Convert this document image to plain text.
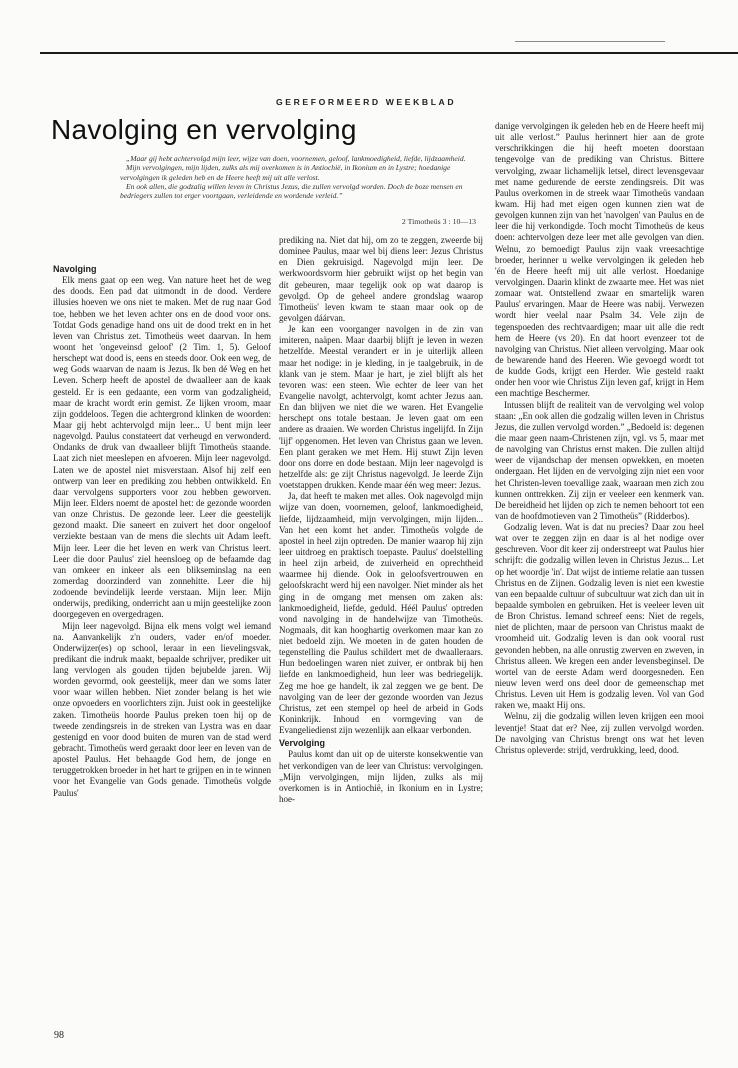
GEREFORMEERD WEEKBLAD
Navolging en vervolging

„Maar gij hebt achtervolgd mijn leer, wijze van doen, voornemen, geloof, lankmoedigheid, liefde, lijdzaamheid.

Mijn vervolgingen, mijn lijden, zulks als mij overkomen is in Antiochië, in Ikonium en in Lystre; hoedanige vervolgingen ik geleden heb en de Heere heeft mij uit alle verlost.

En ook allen, die godzalig willen leven in Christus Jezus, die zullen vervolgd worden. Doch de boze mensen en bedriegers zullen tot erger voortgaan, verleidende en wordende verleid.”

2 Timotheüs 3 : 10—13
Navolging

Elk mens gaat op een weg. Van nature heet het de weg des doods. Een pad dat uitmondt in de dood. Verdere illusies hoeven we ons niet te maken. Met de rug naar God toe, hebben we het leven achter ons en de dood voor ons. Totdat Gods genadige hand ons uit de dood trekt en in het leven van Christus zet. Timotheüs weet daarvan. In hem woont het 'ongeveinsd geloof' (2 Tim. 1, 5). Geloof herschept wat dood is, eens en steeds door. Ook een weg, de weg Gods waarvan de naam is Jezus. Ik ben dé Weg en het Leven. Scherp heeft de apostel de dwaalleer aan de kaak gesteld. Er is een gedaante, een vorm van godzaligheid, maar de kracht wordt erin gemist. Ze lijken vroom, maar zijn goddeloos. Tegen die achtergrond klinken de woorden: Maar gij hebt achtervolgd mijn leer... U bent mijn leer nagevolgd. Paulus constateert dat verheugd en verwonderd. Ondanks de druk van dwaalleer blijft Timotheüs staande. Laat zich niet meeslepen en afvoeren. Mijn leer nagevolgd. Laten we de apostel niet misverstaan. Alsof hij zelf een ontwerp van leer en prediking zou hebben ontwikkeld. En daar vervolgens supporters voor zou hebben geworven. Mijn leer. Elders noemt de apostel het: de gezonde woorden van onze Christus. De gezonde leer. Leer die geestelijk gezond maakt. Die saneert en zuivert het door ongeloof verziekte bestaan van de mens die slechts uit Adam leeft. Mijn leer. Leer die het leven en werk van Christus leert. Leer die door Paulus' ziel heensloeg op de befaamde dag van omkeer en inkeer als een blikseminslag na een zomerdag doorzinderd van zonnehitte. Leer die hij zodoende bevindelijk leerde verstaan. Mijn leer. Mijn onderwijs, prediking, onderricht aan u mijn geestelijke zoon doorgegeven en overgedragen.

Mijn leer nagevolgd. Bijna elk mens volgt wel iemand na. Aanvankelijk z'n ouders, vader en/of moeder. Onderwijzer(es) op school, leraar in een lievelingsvak, predikant die indruk maakt, bepaalde schrijver, prediker uit lang vervlogen als gouden tijden bejubelde jaren. Wij worden gevormd, ook geestelijk, meer dan we soms later voor waar willen hebben. Niet zonder belang is het wie onze opvoeders en voorlichters zijn. Juist ook in geestelijke zaken. Timotheüs hoorde Paulus preken toen hij op de tweede zendingsreis in de streken van Lystra was en daar gestenigd en voor dood buiten de muren van de stad werd gebracht. Timotheüs werd geraakt door leer en leven van de apostel Paulus. Het behaagde God hem, de jonge en teruggetrokken broeder in het hart te grijpen en in te winnen voor het Evangelie van Gods genade. Timotheüs volgde Paulus'

prediking na. Niet dat hij, om zo te zeggen, zweerde bij dominee Paulus, maar wel bij diens leer: Jezus Christus en Dien gekruisigd. Nagevolgd mijn leer. De werkwoordsvorm hier gebruikt wijst op het begin van dit gebeuren, maar tegelijk ook op wat daarop is gevolgd. Op de geheel andere grondslag waarop Timotheüs' leven kwam te staan maar ook op de gevolgen dáárvan.

Je kan een voorganger navolgen in de zin van imiteren, naäpen. Maar daarbij blijft je leven in wezen hetzelfde. Meestal verandert er in je uiterlijk alleen maar het nodige: in je kleding, in je taalgebruik, in de klank van je stem. Maar je hart, je ziel blijft als het tevoren was: een steen. Wie echter de leer van het Evangelie navolgt, achtervolgt, komt achter Jezus aan. En dan blijven we niet die we waren. Het Evangelie herschept ons totale bestaan. Je leven gaat om een andere as draaien. We worden Christus ingelijfd. In Zijn 'lijf' opgenomen. Het leven van Christus gaan we leven. Een plant geraken we met Hem. Hij stuwt Zijn leven door ons dorre en dode bestaan. Mijn leer nagevolgd is hetzelfde als: ge zijt Christus nagevolgd. Je leerde Zijn voetstappen drukken. Kende maar één weg meer: Jezus.

Ja, dat heeft te maken met alles. Ook nagevolgd mijn wijze van doen, voornemen, geloof, lankmoedigheid, liefde, lijdzaamheid, mijn vervolgingen, mijn lijden... Van het een komt het ander. Timotheüs volgde de apostel in heel zijn optreden. De manier waarop hij zijn leer uitdroeg en praktisch toepaste. Paulus' doelstelling in heel zijn arbeid, de zuiverheid en oprechtheid waarmee hij diende. Ook in geloofsvertrouwen en geloofskracht werd hij een navolger. Niet minder als het ging in de omgang met mensen om zaken als: lankmoedigheid, liefde, geduld. Héél Paulus' optreden vond navolging in de handelwijze van Timotheüs. Nogmaals, dit kan hooghartig overkomen maar kan zo niet bedoeld zijn. We moeten in de gaten houden de tegenstelling die Paulus schildert met de dwaalleraars. Hun bedoelingen waren niet zuiver, er ontbrak bij hen liefde en lankmoedigheid, hun leer was bedriegelijk. Zeg me hoe ge handelt, ik zal zeggen we ge bent. De navolging van de leer der gezonde woorden van Jezus Christus, zet een stempel op heel de arbeid in Gods Koninkrijk. Inhoud en vormgeving van de Evangeliedienst zijn wezenlijk aan elkaar verbonden.

Vervolging

Paulus komt dan uit op de uiterste konsekwentie van het verkondigen van de leer van Christus: vervolgingen. „Mijn vervolgingen, mijn lijden, zulks als mij overkomen is in Antiochië, in Ikonium en in Lystre; hoe-

danige vervolgingen ik geleden heb en de Heere heeft mij uit alle verlost.” Paulus herinnert hier aan de grote verschrikkingen die hij heeft moeten doorstaan tengevolge van de prediking van Christus. Bittere vervolging, zwaar lichamelijk letsel, direct levensgevaar met name gedurende de eerste zendingsreis. Dit was Paulus overkomen in de streek waar Timotheüs vandaan kwam. Hij had met eigen ogen kunnen zien wat de gevolgen kunnen zijn van het 'navolgen' van Paulus en de leer die hij verkondigde. Toch mocht Timotheüs de keus doen: achtervolgen deze leer met alle gevolgen van dien. Welnu, zo bemoedigt Paulus zijn vaak vreesachtige broeder, herinner u welke vervolgingen ik geleden heb 'én de Heere heeft mij uit alle verlost. Hoedanige vervolgingen. Daarin klinkt de zwaarte mee. Het was niet zomaar wat. Ontstellend zwaar en smartelijk waren Paulus' ervaringen. Maar de Heere was nabij. Verwezen wordt hier veelal naar Psalm 34. Vele zijn de tegenspoeden des rechtvaardigen; maar uit alle die redt hem de Heere (vs 20). En dat hoort evenzeer tot de navolging van Christus. Niet alleen vervolging. Maar ook de bewarende hand des Heeren. Wie gevoegd wordt tot de kudde Gods, krijgt een Herder. Wie gesteld raakt onder hen voor wie Christus Zijn leven gaf, krijgt in Hem een machtige Beschermer.

Intussen blijft de realiteit van de vervolging wel volop staan: „En ook allen die godzalig willen leven in Christus Jezus, die zullen vervolgd worden.” „Bedoeld is: degenen die maar geen naam-Christenen zijn, vgl. vs 5, maar met de navolging van Christus ernst maken. Die zullen altijd weer de vijandschap der mensen opwekken, en moeten ondergaan. Het lijden en de vervolging zijn niet een voor het Christen-leven toevallige zaak, waaraan men zich zou kunnen onttrekken. Zij zijn er veeleer een kenmerk van. De bereidheid het lijden op zich te nemen behoort tot een van de hoofdmotieven van 2 Timotheüs” (Ridderbos).

Godzalig leven. Wat is dat nu precies? Daar zou heel wat over te zeggen zijn en daar is al het nodige over geschreven. Voor dit keer zij onderstreept wat Paulus hier schrijft: die godzalig willen leven in Christus Jezus... Let op het woordje 'in'. Dat wijst de intieme relatie aan tussen Christus en de Zijnen. Godzalig leven is niet een kwestie van een bepaalde cultuur of subcultuur wat zich dan uit in bepaalde symbolen en gebruiken. Het is veeleer leven uit de Bron Christus. Iemand schreef eens: Niet de regels, niet de plichten, maar de persoon van Christus maakt de vroomheid uit. Godzalig leven is dan ook vooral rust gevonden hebben, na alle onrustig zwerven en zweven, in Christus alleen. We kregen een ander levensbeginsel. De wortel van de eerste Adam werd doorgesneden. Een nieuw leven werd ons deel door de gemeenschap met Christus. Leven uit Hem is godzalig leven. Vol van God raken we, maakt Hij ons.

Welnu, zij die godzalig willen leven krijgen een mooi leventje! Staat dat er? Nee, zij zullen vervolgd worden. De navolging van Christus brengt ons wat het leven Christus opleverde: strijd, verdrukking, leed, dood.

98
